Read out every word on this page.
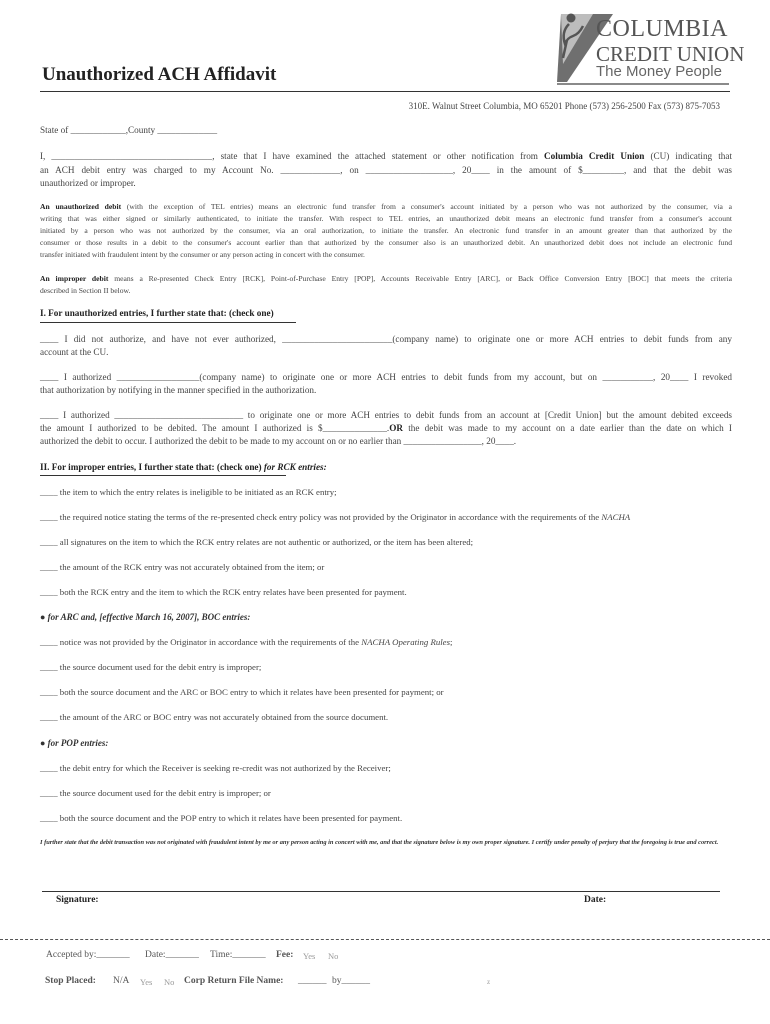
Unauthorized ACH Affidavit
COLUMBIA
CREDIT UNION
The Money People
310E. Walnut Street Columbia, MO 65201 Phone (573) 256-2500 Fax (573) 875-7053
State of ____________,County _____________
I, ___________________________________, state that I have examined the attached statement or other notification from Columbia Credit Union (CU) indicating that
an ACH debit entry was charged to my Account No. _____________, on ___________________, 20____ in the amount of $_________, and that the debit was
unauthorized or improper.
An unauthorized debit (with the exception of TEL entries) means an electronic fund transfer from a consumer's account initiated by a person who was not authorized by the consumer, via a
writing that was either signed or similarly authenticated, to initiate the transfer. With respect to TEL entries, an unauthorized debit means an electronic fund transfer from a consumer's account
initiated by a person who was not authorized by the consumer, via an oral authorization, to initiate the transfer. An electronic fund transfer in an amount greater than that authorized by the
consumer or those results in a debit to the consumer's account earlier than that authorized by the consumer also is an unauthorized debit. An unauthorized debit does not include an electronic fund
transfer initiated with fraudulent intent by the consumer or any person acting in concert with the consumer.
An improper debit means a Re-presented Check Entry [RCK], Point-of-Purchase Entry [POP], Accounts Receivable Entry [ARC], or Back Office Conversion Entry [BOC] that meets the criteria
described in Section II below.
I. For unauthorized entries, I further state that: (check one)
____ I did not authorize, and have not ever authorized, ________________________(company name) to originate one or more ACH entries to debit funds from any
account at the CU.
____ I authorized __________________(company name) to originate one or more ACH entries to debit funds from my account, but on ___________, 20____ I revoked
that authorization by notifying in the manner specified in the authorization.
____ I authorized ____________________________ to originate one or more ACH entries to debit funds from an account at [Credit Union] but the amount debited exceeds
the amount I authorized to be debited. The amount I authorized is $______________.OR the debit was made to my account on a date earlier than the date on which I
authorized the debit to occur. I authorized the debit to be made to my account on or no earlier than _________________, 20____.
II. For improper entries, I further state that: (check one) for RCK entries:
____ the item to which the entry relates is ineligible to be initiated as an RCK entry;
____ the required notice stating the terms of the re-presented check entry policy was not provided by the Originator in accordance with the requirements of the NACHA
____ all signatures on the item to which the RCK entry relates are not authentic or authorized, or the item has been altered;
____ the amount of the RCK entry was not accurately obtained from the item; or
____ both the RCK entry and the item to which the RCK entry relates have been presented for payment.
● for ARC and, [effective March 16, 2007], BOC entries:
____ notice was not provided by the Originator in accordance with the requirements of the NACHA Operating Rules;
____ the source document used for the debit entry is improper;
____ both the source document and the ARC or BOC entry to which it relates have been presented for payment; or
____ the amount of the ARC or BOC entry was not accurately obtained from the source document.
● for POP entries:
____ the debit entry for which the Receiver is seeking re-credit was not authorized by the Receiver;
____ the source document used for the debit entry is improper; or
____ both the source document and the POP entry to which it relates have been presented for payment.
I further state that the debit transaction was not originated with fraudulent intent by me or any person acting in concert with me, and that the signature below is my own proper signature. I certify under penalty of perjury that the foregoing is true and correct.
Signature:	Date:
Accepted by:_______ Date:_______ Time:_______ Fee: Yes No
Stop Placed: N/A Yes No Corp Return File Name: ______ by______	z
